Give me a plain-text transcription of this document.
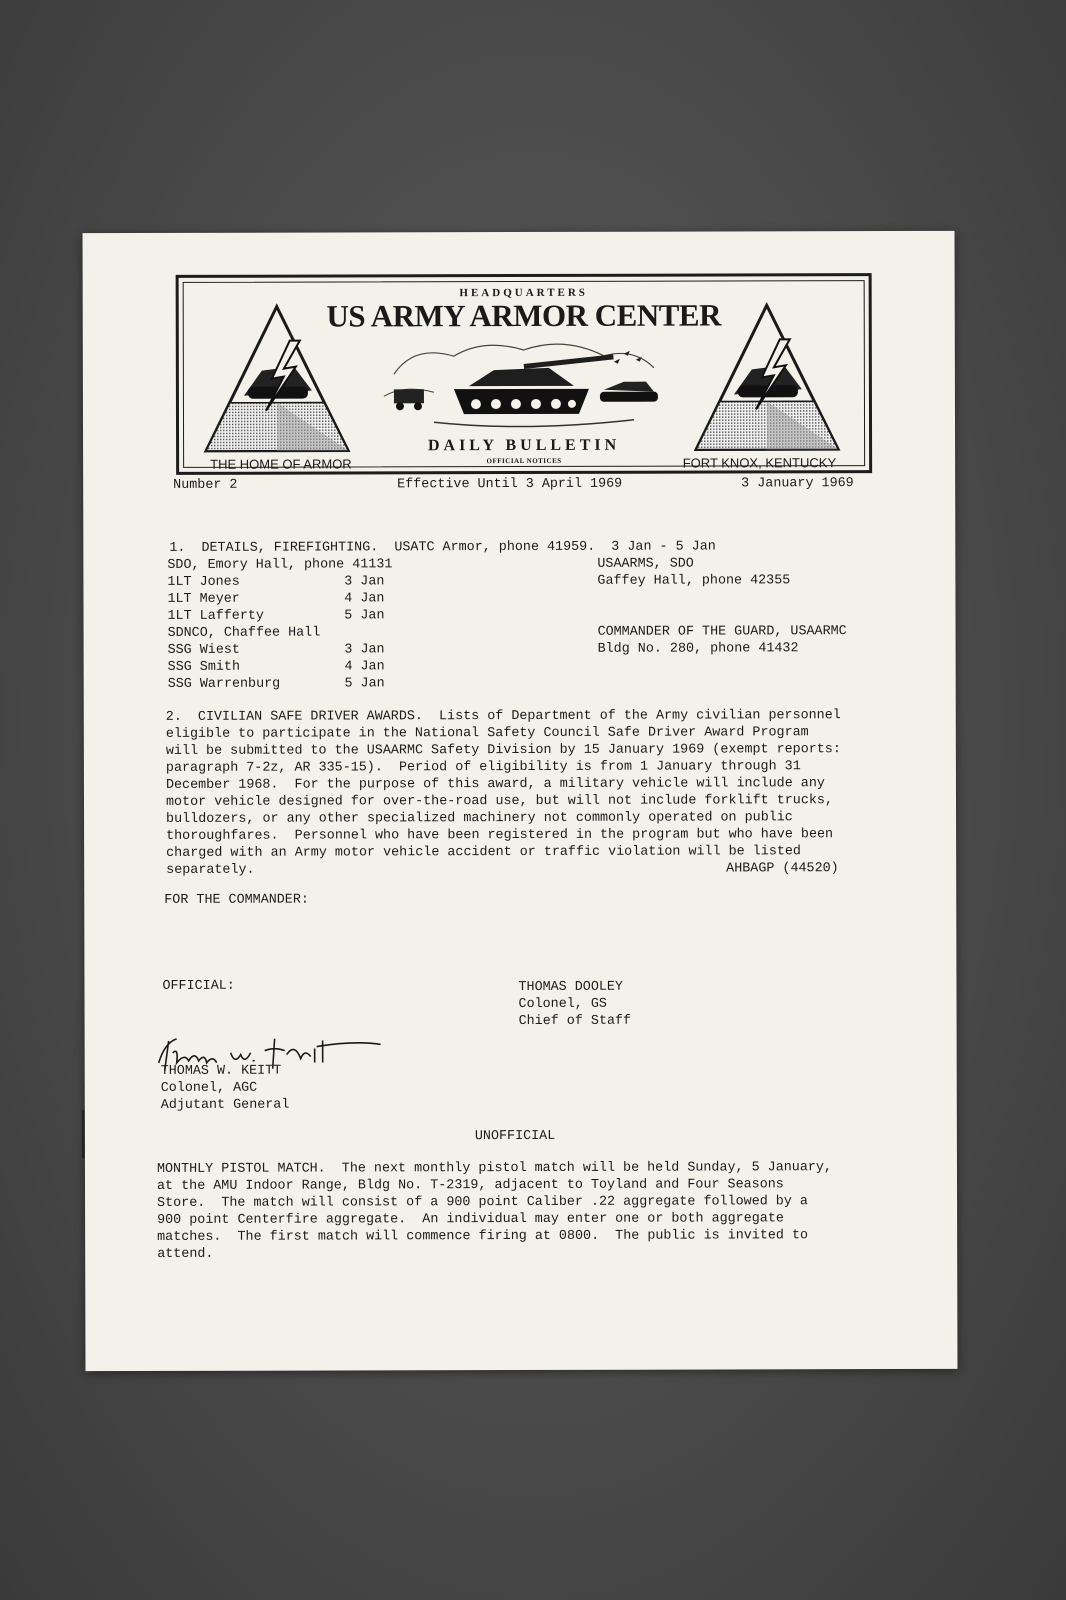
HEADQUARTERS
US ARMY ARMOR CENTER
DAILY BULLETIN
OFFICIAL NOTICES
THE HOME OF ARMOR	FORT KNOX, KENTUCKY
Number 2	Effective Until 3 April 1969	3 January 1969
1.  DETAILS, FIREFIGHTING.  USATC Armor, phone 41959.  3 Jan - 5 Jan
SDO, Emory Hall, phone 41131
1LT Jones             3 Jan
1LT Meyer             4 Jan
1LT Lafferty          5 Jan
SDNCO, Chaffee Hall
SSG Wiest             3 Jan
SSG Smith             4 Jan
SSG Warrenburg        5 Jan
USAARMS, SDO
Gaffey Hall, phone 42355

COMMANDER OF THE GUARD, USAARMC
Bldg No. 280, phone 41432
2.  CIVILIAN SAFE DRIVER AWARDS.  Lists of Department of the Army civilian personnel
eligible to participate in the National Safety Council Safe Driver Award Program
will be submitted to the USAARMC Safety Division by 15 January 1969 (exempt reports:
paragraph 7-2z, AR 335-15).  Period of eligibility is from 1 January through 31
December 1968.  For the purpose of this award, a military vehicle will include any
motor vehicle designed for over-the-road use, but will not include forklift trucks,
bulldozers, or any other specialized machinery not commonly operated on public
thoroughfares.  Personnel who have been registered in the program but who have been
charged with an Army motor vehicle accident or traffic violation will be listed
separately.	AHBAGP (44520)
FOR THE COMMANDER:
OFFICIAL:	THOMAS DOOLEY
Colonel, GS
Chief of Staff
THOMAS W. KEITT
Colonel, AGC
Adjutant General
UNOFFICIAL
MONTHLY PISTOL MATCH.  The next monthly pistol match will be held Sunday, 5 January,
at the AMU Indoor Range, Bldg No. T-2319, adjacent to Toyland and Four Seasons
Store.  The match will consist of a 900 point Caliber .22 aggregate followed by a
900 point Centerfire aggregate.  An individual may enter one or both aggregate
matches.  The first match will commence firing at 0800.  The public is invited to
attend.
